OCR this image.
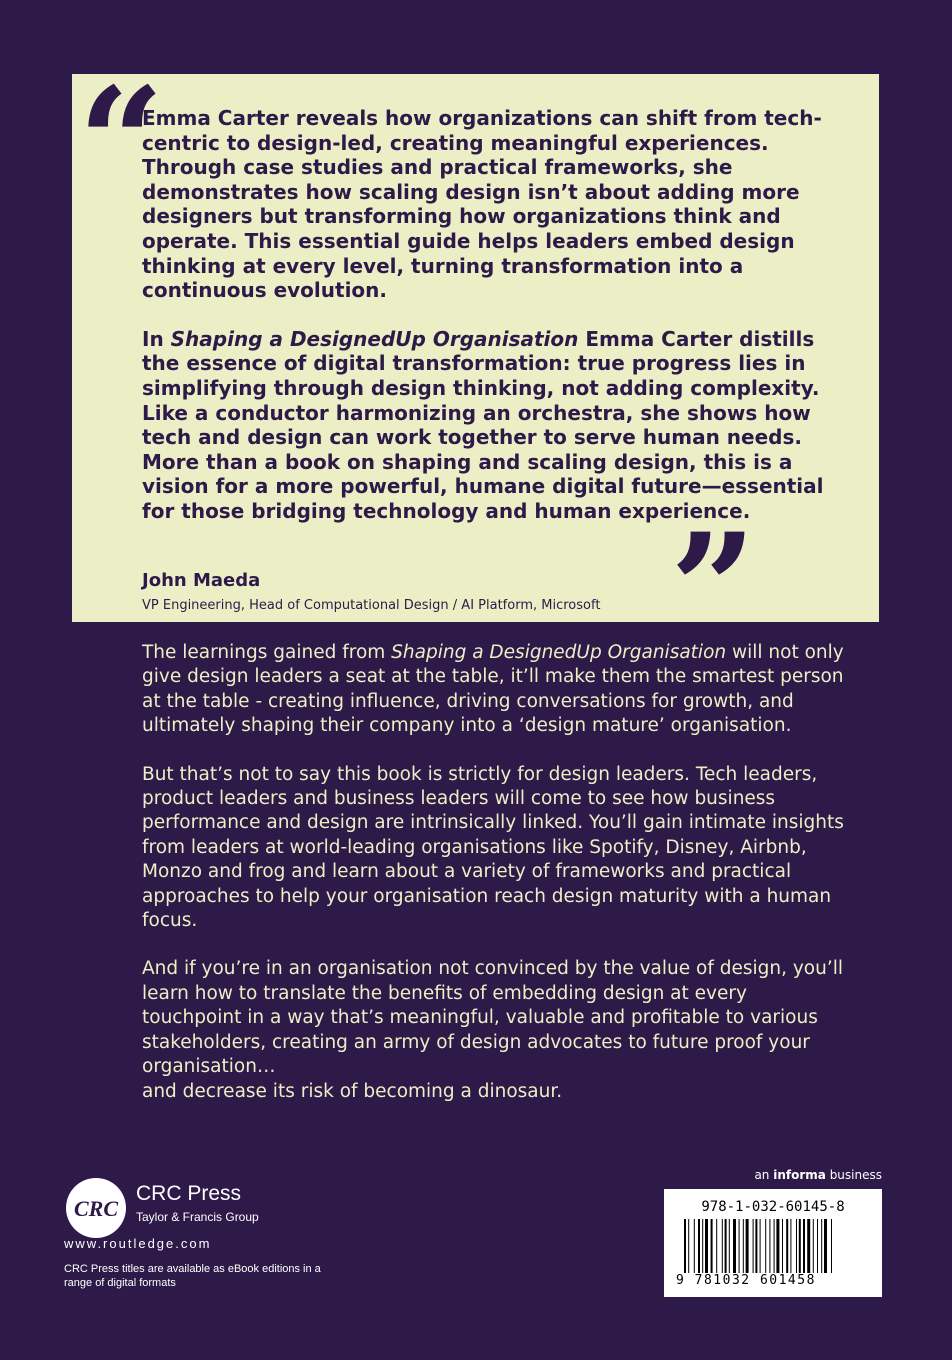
“

Emma Carter reveals how organizations can shift from tech-centric to design-led, creating meaningful experiences. Through case studies and practical frameworks, she demonstrates how scaling design isn’t about adding more designers but transforming how organizations think and operate. This essential guide helps leaders embed design thinking at every level, turning transformation into a continuous evolution.

In Shaping a DesignedUp Organisation Emma Carter distills the essence of digital transformation: true progress lies in simplifying through design thinking, not adding complexity. Like a conductor harmonizing an orchestra, she shows how tech and design can work together to serve human needs. More than a book on shaping and scaling design, this is a vision for a more powerful, humane digital future—essential for those bridging technology and human experience.

”
John Maeda
VP Engineering, Head of Computational Design / AI Platform, Microsoft

The learnings gained from Shaping a DesignedUp Organisation will not only give design leaders a seat at the table, it’ll make them the smartest person at the table - creating influence, driving conversations for growth, and ultimately shaping their company into a ‘design mature’ organisation.

But that’s not to say this book is strictly for design leaders. Tech leaders, product leaders and business leaders will come to see how business performance and design are intrinsically linked. You’ll gain intimate insights from leaders at world-leading organisations like Spotify, Disney, Airbnb, Monzo and frog and learn about a variety of frameworks and practical approaches to help your organisation reach design maturity with a human focus.

And if you’re in an organisation not convinced by the value of design, you’ll learn how to translate the benefits of embedding design at every touchpoint in a way that’s meaningful, valuable and profitable to various stakeholders, creating an army of design advocates to future proof your organisation…
and decrease its risk of becoming a dinosaur.

an informa business
978-1-032-60145-8
9 781032 601458
CRC
CRC Press
Taylor & Francis Group
www.routledge.com
CRC Press titles are available as eBook editions in a range of digital formats
